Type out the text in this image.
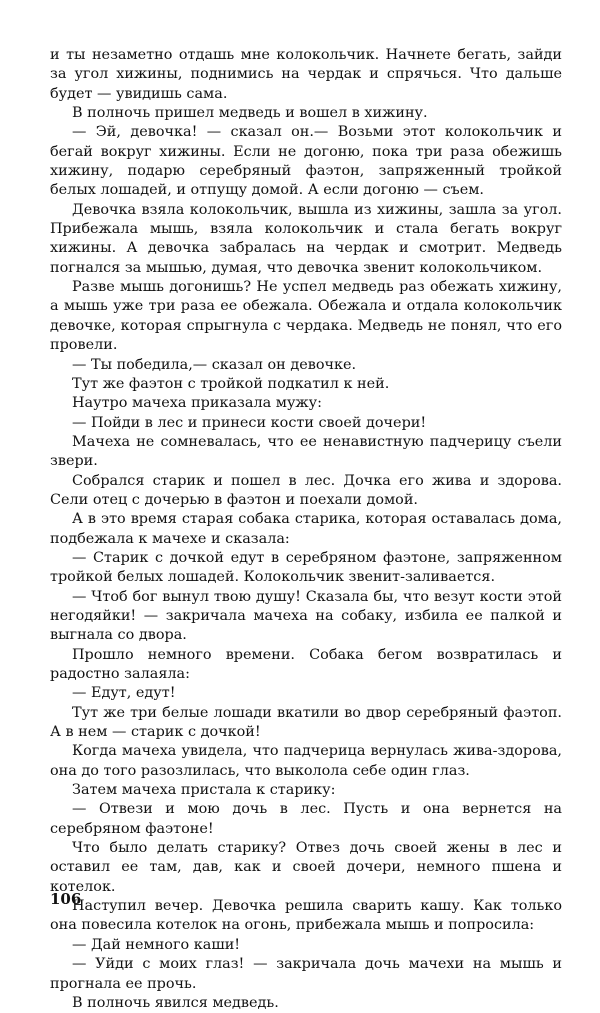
и ты незаметно отдашь мне колокольчик. Начнете бегать, зайди за угол хижины, поднимись на чердак и спрячься. Что дальше будет — увидишь сама.

В полночь пришел медведь и вошел в хижину.

— Эй, девочка! — сказал он.— Возьми этот колокольчик и бегай вокруг хижины. Если не догоню, пока три раза обежишь хижину, подарю серебряный фаэтон, запряженный тройкой белых лошадей, и отпущу домой. А если догоню — съем.

Девочка взяла колокольчик, вышла из хижины, зашла за угол. Прибежала мышь, взяла колокольчик и стала бегать вокруг хижины. А девочка забралась на чердак и смотрит. Медведь погнался за мышью, думая, что девочка звенит колокольчиком.

Разве мышь догонишь? Не успел медведь раз обежать хижину, а мышь уже три раза ее обежала. Обежала и отдала колокольчик девочке, которая спрыгнула с чердака. Медведь не понял, что его провели.

— Ты победила,— сказал он девочке.

Тут же фаэтон с тройкой подкатил к ней.

Наутро мачеха приказала мужу:

— Пойди в лес и принеси кости своей дочери!

Мачеха не сомневалась, что ее ненавистную падчерицу съели звери.

Собрался старик и пошел в лес. Дочка его жива и здорова. Сели отец с дочерью в фаэтон и поехали домой.

А в это время старая собака старика, которая оставалась дома, подбежала к мачехе и сказала:

— Старик с дочкой едут в серебряном фаэтоне, запряженном тройкой белых лошадей. Колокольчик звенит-заливается.

— Чтоб бог вынул твою душу! Сказала бы, что везут кости этой негодяйки! — закричала мачеха на собаку, избила ее палкой и выгнала со двора.

Прошло немного времени. Собака бегом возвратилась и радостно залаяла:

— Едут, едут!

Тут же три белые лошади вкатили во двор серебряный фаэтоп. А в нем — старик с дочкой!

Когда мачеха увидела, что падчерица вернулась жива-здорова, она до того разозлилась, что выколола себе один глаз.

Затем мачеха пристала к старику:

— Отвези и мою дочь в лес. Пусть и она вернется на серебряном фаэтоне!

Что было делать старику? Отвез дочь своей жены в лес и оставил ее там, дав, как и своей дочери, немного пшена и котелок.

Наступил вечер. Девочка решила сварить кашу. Как только она повесила котелок на огонь, прибежала мышь и попросила:

— Дай немного каши!

— Уйди с моих глаз! — закричала дочь мачехи на мышь и прогнала ее прочь.

В полночь явился медведь.

106
